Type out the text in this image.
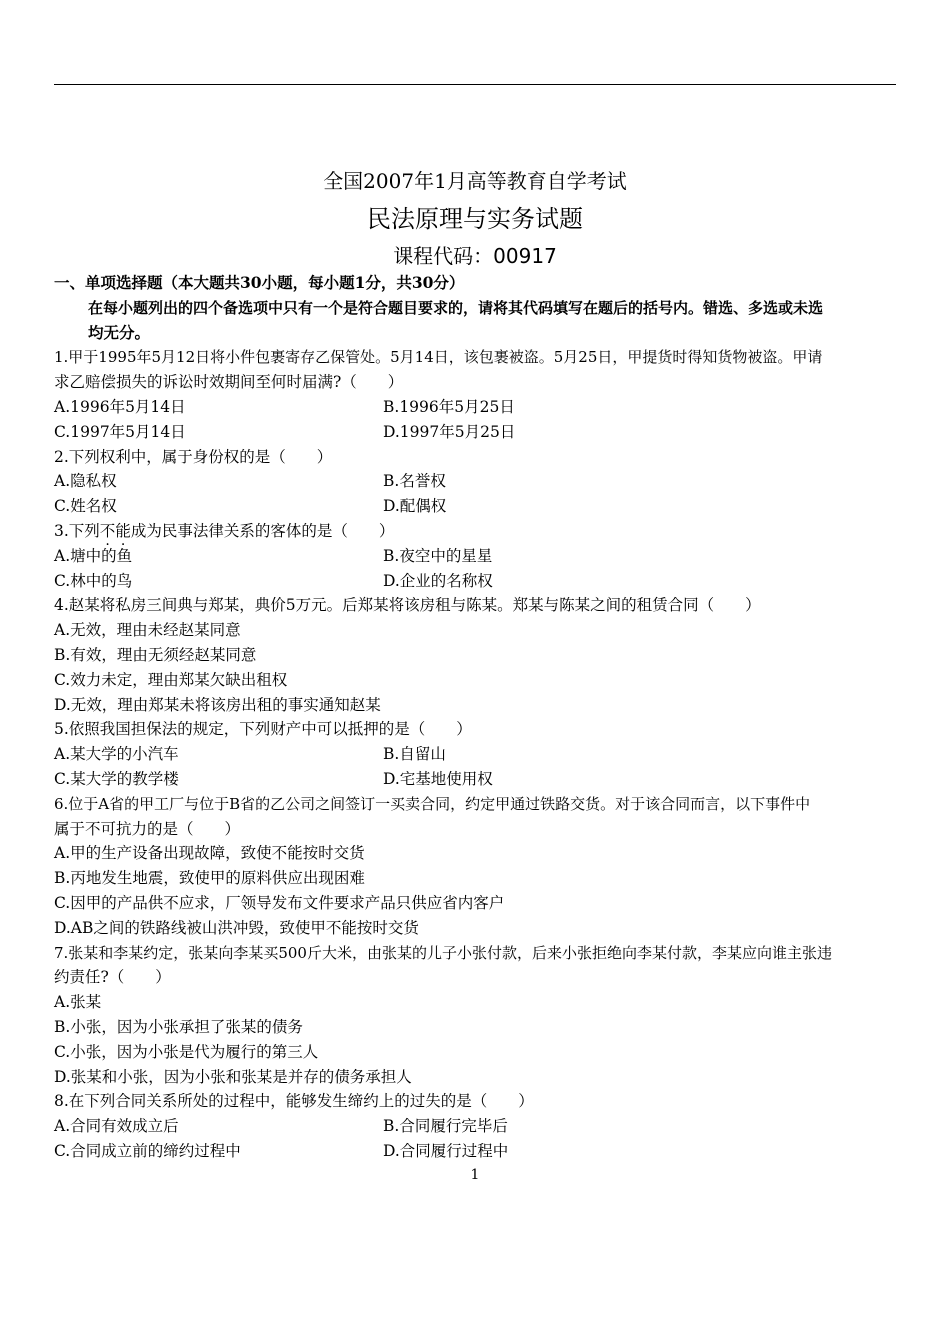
全国2007年1月高等教育自学考试
民法原理与实务试题
课程代码：00917
一、单项选择题（本大题共30小题，每小题1分，共30分）
在每小题列出的四个备选项中只有一个是符合题目要求的，请将其代码填写在题后的括号内。错选、多选或未选
均无分。
1.甲于1995年5月12日将小件包裹寄存乙保管处。5月14日，该包裹被盗。5月25日，甲提货时得知货物被盗。甲请
求乙赔偿损失的诉讼时效期间至何时届满?（　　）
A.1996年5月14日	B.1996年5月25日
C.1997年5月14日	D.1997年5月25日
2.下列权利中，属于身份权的是（　　）
A.隐私权	B.名誉权
C.姓名权	D.配偶权
3.下列不能成为民事法律关系的客体的是（　　）
A.塘中的鱼	B.夜空中的星星
C.林中的鸟	D.企业的名称权
4.赵某将私房三间典与郑某，典价5万元。后郑某将该房租与陈某。郑某与陈某之间的租赁合同（　　）
A.无效，理由未经赵某同意
B.有效，理由无须经赵某同意
C.效力未定，理由郑某欠缺出租权
D.无效，理由郑某未将该房出租的事实通知赵某
5.依照我国担保法的规定，下列财产中可以抵押的是（　　）
A.某大学的小汽车	B.自留山
C.某大学的教学楼	D.宅基地使用权
6.位于A省的甲工厂与位于B省的乙公司之间签订一买卖合同，约定甲通过铁路交货。对于该合同而言，以下事件中
属于不可抗力的是（　　）
A.甲的生产设备出现故障，致使不能按时交货
B.丙地发生地震，致使甲的原料供应出现困难
C.因甲的产品供不应求，厂领导发布文件要求产品只供应省内客户
D.AB之间的铁路线被山洪冲毁，致使甲不能按时交货
7.张某和李某约定，张某向李某买500斤大米，由张某的儿子小张付款，后来小张拒绝向李某付款，李某应向谁主张违
约责任?（　　）
A.张某
B.小张，因为小张承担了张某的债务
C.小张，因为小张是代为履行的第三人
D.张某和小张，因为小张和张某是并存的债务承担人
8.在下列合同关系所处的过程中，能够发生缔约上的过失的是（　　）
A.合同有效成立后	B.合同履行完毕后
C.合同成立前的缔约过程中	D.合同履行过程中
1
